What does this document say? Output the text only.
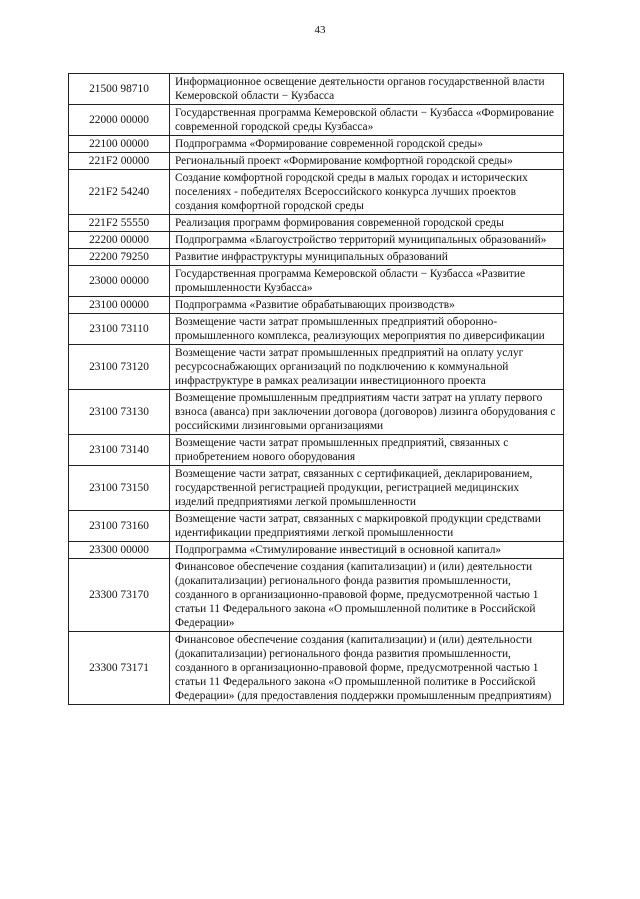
43
21500 98710	Информационное освещение деятельности органов государственной власти Кемеровской области − Кузбасса
22000 00000	Государственная программа Кемеровской области − Кузбасса «Формирование современной городской среды Кузбасса»
22100 00000	Подпрограмма «Формирование современной городской среды»
221F2 00000	Региональный проект «Формирование комфортной городской среды»
221F2 54240	Создание комфортной городской среды в малых городах и исторических поселениях - победителях Всероссийского конкурса лучших проектов создания комфортной городской среды
221F2 55550	Реализация программ формирования современной городской среды
22200 00000	Подпрограмма «Благоустройство территорий муниципальных образований»
22200 79250	Развитие инфраструктуры муниципальных образований
23000 00000	Государственная программа Кемеровской области − Кузбасса «Развитие промышленности Кузбасса»
23100 00000	Подпрограмма «Развитие обрабатывающих производств»
23100 73110	Возмещение части затрат промышленных предприятий оборонно-промышленного комплекса, реализующих мероприятия по диверсификации
23100 73120	Возмещение части затрат промышленных предприятий на оплату услуг ресурсоснабжающих организаций по подключению к коммунальной инфраструктуре в рамках реализации инвестиционного проекта
23100 73130	Возмещение промышленным предприятиям части затрат на уплату первого взноса (аванса) при заключении договора (договоров) лизинга оборудования с российскими лизинговыми организациями
23100 73140	Возмещение части затрат промышленных предприятий, связанных с приобретением нового оборудования
23100 73150	Возмещение части затрат, связанных с сертификацией, декларированием, государственной регистрацией продукции, регистрацией медицинских изделий предприятиями легкой промышленности
23100 73160	Возмещение части затрат, связанных с маркировкой продукции средствами идентификации предприятиями легкой промышленности
23300 00000	Подпрограмма «Стимулирование инвестиций в основной капитал»
23300 73170	Финансовое обеспечение создания (капитализации) и (или) деятельности (докапитализации) регионального фонда развития промышленности, созданного в организационно-правовой форме, предусмотренной частью 1 статьи 11 Федерального закона «О промышленной политике в Российской Федерации»
23300 73171	Финансовое обеспечение создания (капитализации) и (или) деятельности (докапитализации) регионального фонда развития промышленности, созданного в организационно-правовой форме, предусмотренной частью 1 статьи 11 Федерального закона «О промышленной политике в Российской Федерации» (для предоставления поддержки промышленным предприятиям)
